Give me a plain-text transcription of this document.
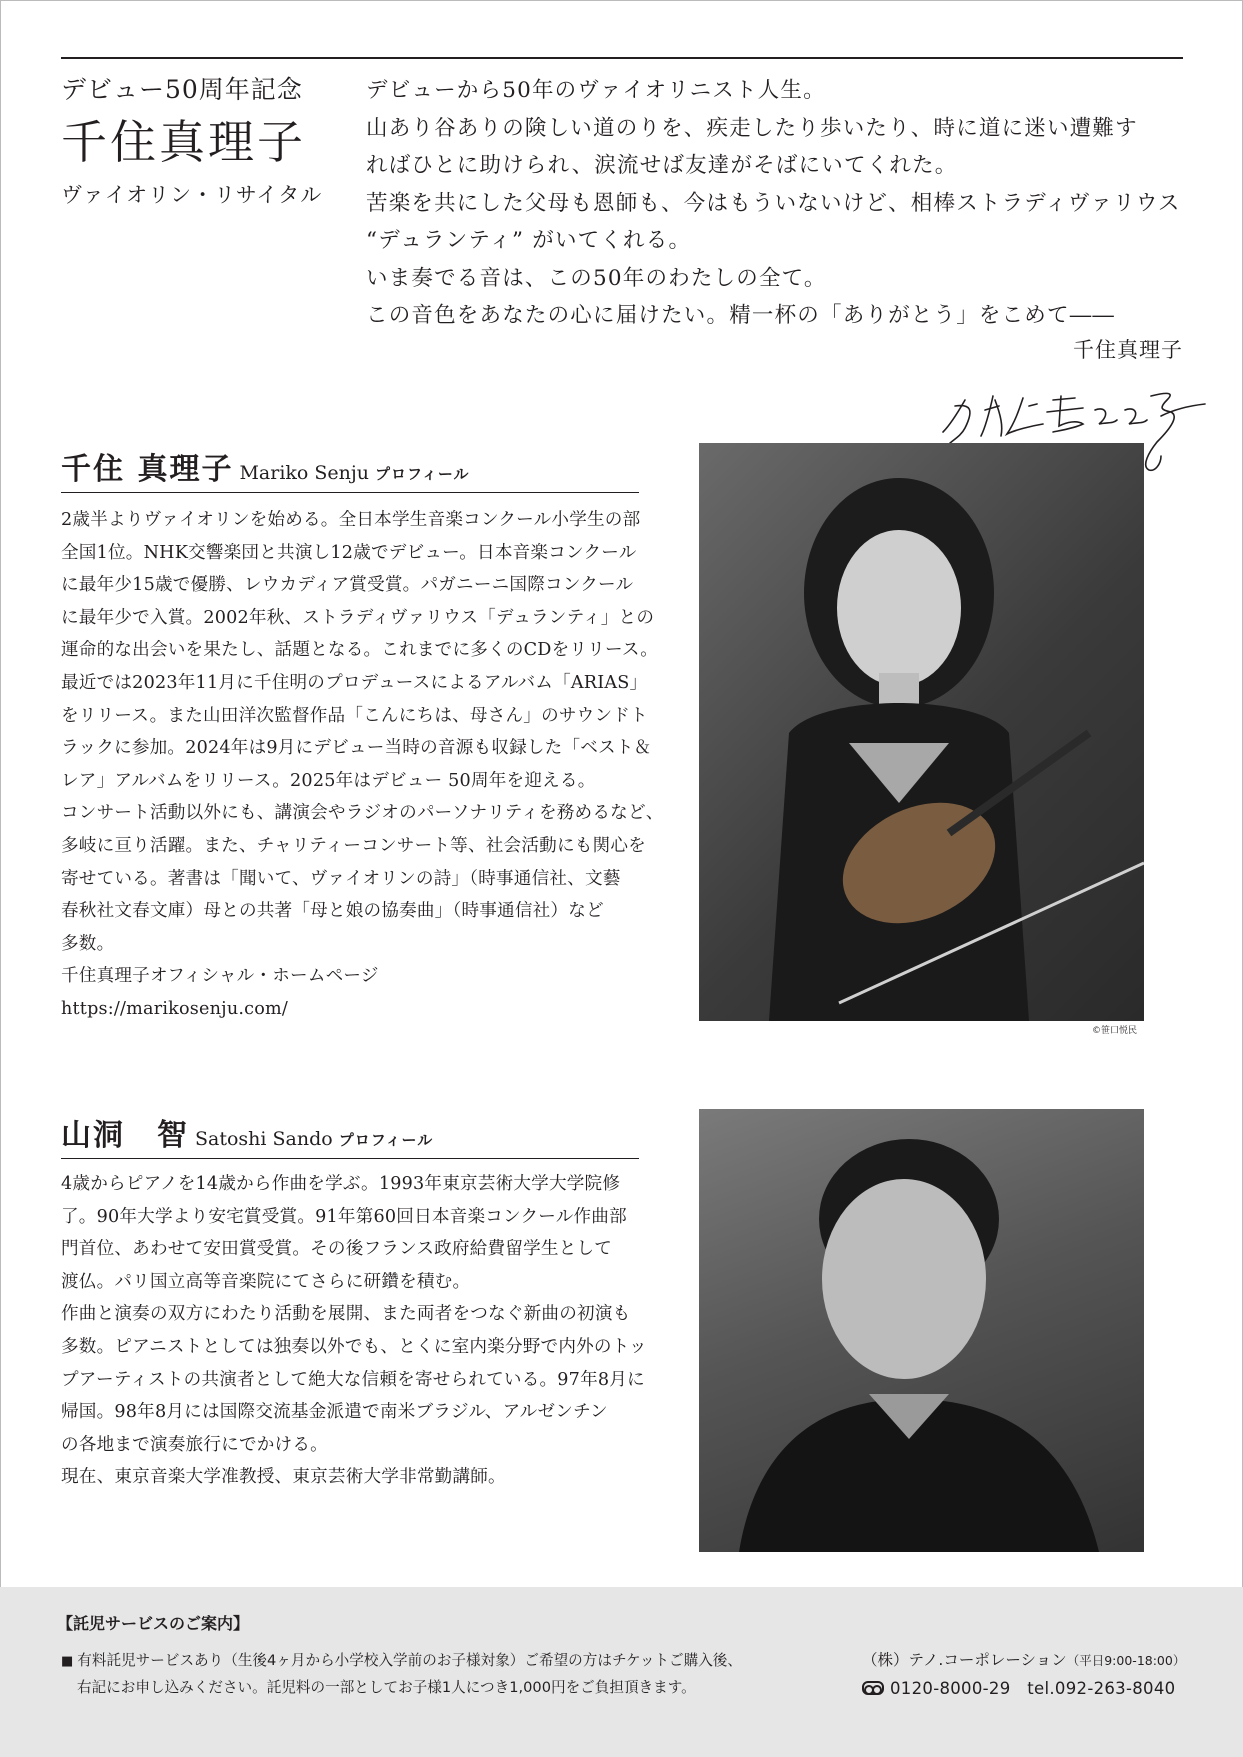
デビュー50周年記念
千住真理子
ヴァイオリン・リサイタル

デビューから50年のヴァイオリニスト人生。

山あり谷ありの険しい道のりを、疾走したり歩いたり、時に道に迷い遭難す

ればひとに助けられ、涙流せば友達がそばにいてくれた。

苦楽を共にした父母も恩師も、今はもういないけど、相棒ストラディヴァリウス

“デュランティ” がいてくれる。

いま奏でる音は、この50年のわたしの全て。

この音色をあなたの心に届けたい。精一杯の「ありがとう」をこめて――

千住真理子
千住 真理子 Mariko Senju プロフィール

2歳半よりヴァイオリンを始める。全日本学生音楽コンクール小学生の部

全国1位。NHK交響楽団と共演し12歳でデビュー。日本音楽コンクール

に最年少15歳で優勝、レウカディア賞受賞。パガニーニ国際コンクール

に最年少で入賞。2002年秋、ストラディヴァリウス「デュランティ」との

運命的な出会いを果たし、話題となる。これまでに多くのCDをリリース。

最近では2023年11月に千住明のプロデュースによるアルバム「ARIAS」

をリリース。また山田洋次監督作品「こんにちは、母さん」のサウンドト

ラックに参加。2024年は9月にデビュー当時の音源も収録した「ベスト＆

レア」アルバムをリリース。2025年はデビュー 50周年を迎える。

コンサート活動以外にも、講演会やラジオのパーソナリティを務めるなど、

多岐に亘り活躍。また、チャリティーコンサート等、社会活動にも関心を

寄せている。著書は「聞いて、ヴァイオリンの詩」（時事通信社、文藝

春秋社文春文庫）母との共著「母と娘の協奏曲」（時事通信社）など

多数。

千住真理子オフィシャル・ホームページ

https://marikosenju.com/

©笹口悦民
山洞　智 Satoshi Sando プロフィール

4歳からピアノを14歳から作曲を学ぶ。1993年東京芸術大学大学院修

了。90年大学より安宅賞受賞。91年第60回日本音楽コンクール作曲部

門首位、あわせて安田賞受賞。その後フランス政府給費留学生として

渡仏。パリ国立高等音楽院にてさらに研鑽を積む。

作曲と演奏の双方にわたり活動を展開、また両者をつなぐ新曲の初演も

多数。ピアニストとしては独奏以外でも、とくに室内楽分野で内外のトッ

プアーティストの共演者として絶大な信頼を寄せられている。97年8月に

帰国。98年8月には国際交流基金派遣で南米ブラジル、アルゼンチン

の各地まで演奏旅行にでかける。

現在、東京音楽大学准教授、東京芸術大学非常勤講師。

【託児サービスのご案内】
■ 有料託児サービスあり（生後4ヶ月から小学校入学前のお子様対象）ご希望の方はチケットご購入後、
右記にお申し込みください。託児料の一部としてお子様1人につき1,000円をご負担頂きます。
（株）テノ.コーポレーション（平日9:00-18:00）
0120-8000-29　tel.092-263-8040
